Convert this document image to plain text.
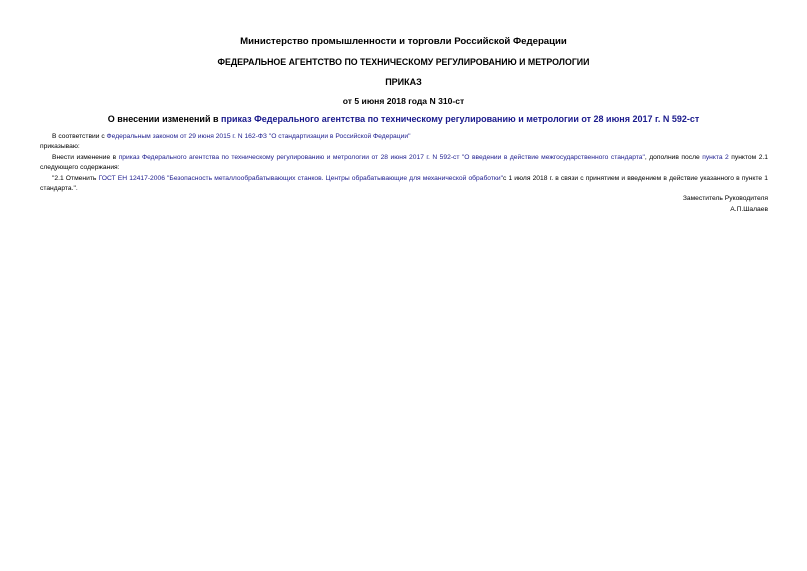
Министерство промышленности и торговли Российской Федерации
ФЕДЕРАЛЬНОЕ АГЕНТСТВО ПО ТЕХНИЧЕСКОМУ РЕГУЛИРОВАНИЮ И МЕТРОЛОГИИ
ПРИКАЗ
от 5 июня 2018 года N 310-ст
О внесении изменений в приказ Федерального агентства по техническому регулированию и метрологии от 28 июня 2017 г. N 592-ст

В соответствии с Федеральным законом от 29 июня 2015 г. N 162-ФЗ "О стандартизации в Российской Федерации"

приказываю:

Внести изменение в приказ Федерального агентства по техническому регулированию и метрологии от 28 июня 2017 г. N 592-ст "О введении в действие межгосударственного стандарта", дополнив после пункта 2 пунктом 2.1 следующего содержания:

"2.1 Отменить ГОСТ ЕН 12417-2006 "Безопасность металлообрабатывающих станков. Центры обрабатывающие для механической обработки"с 1 июля 2018 г. в связи с принятием и введением в действие указанного в пункте 1 стандарта.".

Заместитель Руководителя

А.П.Шалаев
